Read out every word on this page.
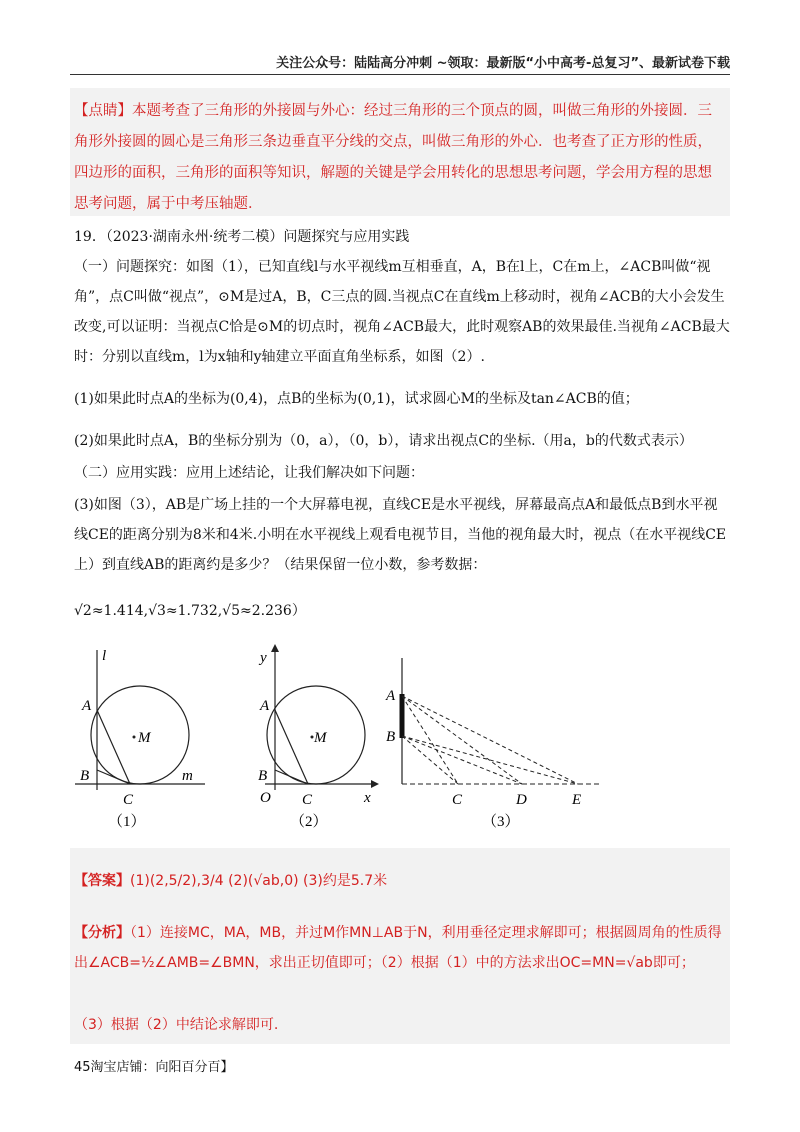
关注公众号：陆陆高分冲刺 ~领取：最新版“小中高考-总复习”、最新试卷下载
【点睛】本题考查了三角形的外接圆与外心：经过三角形的三个顶点的圆，叫做三角形的外接圆．三角形外接圆的圆心是三角形三条边垂直平分线的交点，叫做三角形的外心．也考查了正方形的性质，四边形的面积，三角形的面积等知识，解题的关键是学会用转化的思想思考问题，学会用方程的思想思考问题，属于中考压轴题．
19．（2023·湖南永州·统考二模）问题探究与应用实践
（一）问题探究：如图（1），已知直线l与水平视线m互相垂直，A，B在l上，C在m上，∠ACB叫做“视角”，点C叫做“视点”，⊙M是过A，B，C三点的圆.当视点C在直线m上移动时，视角∠ACB的大小会发生改变,可以证明：当视点C恰是⊙M的切点时，视角∠ACB最大，此时观察AB的效果最佳.当视角∠ACB最大时：分别以直线m，l为x轴和y轴建立平面直角坐标系，如图（2）.
(1)如果此时点A的坐标为(0,4)，点B的坐标为(0,1)，试求圆心M的坐标及tan∠ACB的值；
(2)如果此时点A，B的坐标分别为（0，a），（0，b），请求出视点C的坐标.（用a，b的代数式表示）
（二）应用实践：应用上述结论，让我们解决如下问题：
(3)如图（3），AB是广场上挂的一个大屏幕电视，直线CE是水平视线，屏幕最高点A和最低点B到水平视线CE的距离分别为8米和4米.小明在水平视线上观看电视节目，当他的视角最大时，视点（在水平视线CE上）到直线AB的距离约是多少？（结果保留一位小数，参考数据：
√2≈1.414,√3≈1.732,√5≈2.236）
l
A
M
B
C
m
（1）
y
A
M
B
O C	x
（2）
A
B
C	D	E
（3）
【答案】(1)(2,5/2),3/4 (2)(√ab,0) (3)约是5.7米
【分析】（1）连接MC，MA，MB，并过M作MN⊥AB于N，利用垂径定理求解即可；根据圆周角的性质得出∠ACB=½∠AMB=∠BMN，求出正切值即可；（2）根据（1）中的方法求出OC=MN=√ab即可；
（3）根据（2）中结论求解即可.
45淘宝店铺：向阳百分百】
